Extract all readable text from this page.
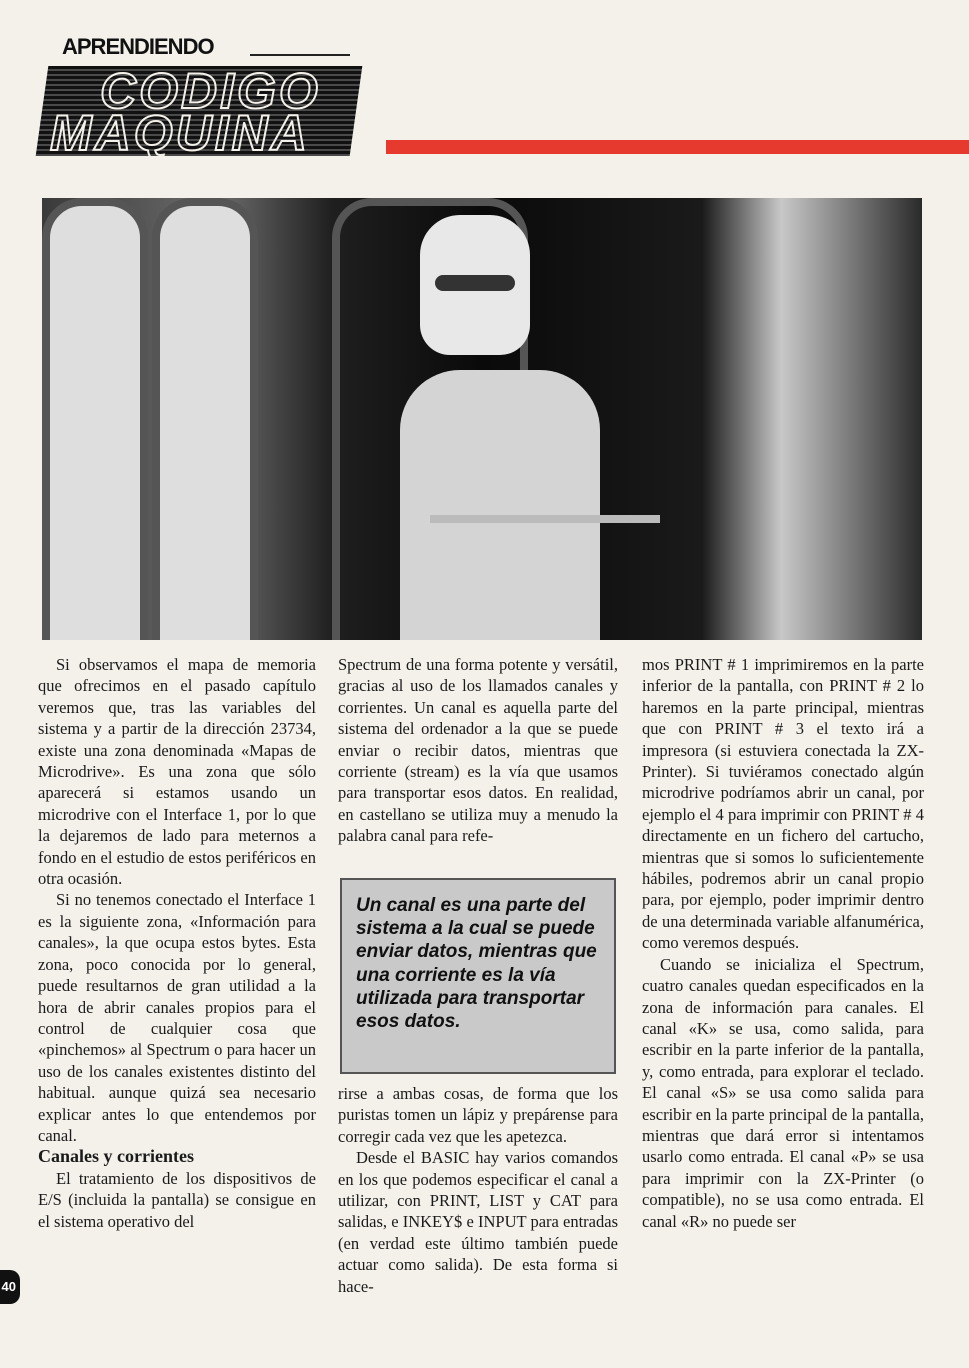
APRENDIENDO
CODIGO
MAQUINA

Si observamos el mapa de memoria que ofrecimos en el pasado capítulo veremos que, tras las variables del sistema y a partir de la dirección 23734, existe una zona denominada «Mapas de Microdrive». Es una zona que sólo aparecerá si estamos usando un microdrive con el Interface 1, por lo que la dejaremos de lado para meternos a fondo en el estudio de estos periféricos en otra ocasión.

Si no tenemos conectado el Interface 1 es la siguiente zona, «Información para canales», la que ocupa estos bytes. Esta zona, poco conocida por lo general, puede resultarnos de gran utilidad a la hora de abrir canales propios para el control de cualquier cosa que «pinchemos» al Spectrum o para hacer un uso de los canales existentes distinto del habitual. aunque quizá sea necesario explicar antes lo que entendemos por canal.

Canales y corrientes

El tratamiento de los dispositivos de E/S (incluida la pantalla) se consigue en el sistema operativo del

Spectrum de una forma potente y versátil, gracias al uso de los llamados canales y corrientes. Un canal es aquella parte del sistema del ordenador a la que se puede enviar o recibir datos, mientras que corriente (stream) es la vía que usamos para transportar esos datos. En realidad, en castellano se utiliza muy a menudo la palabra canal para refe-

Un canal es una parte del sistema a la cual se puede enviar datos, mientras que una corriente es la vía utilizada para transportar esos datos.

rirse a ambas cosas, de forma que los puristas tomen un lápiz y prepárense para corregir cada vez que les apetezca.

Desde el BASIC hay varios comandos en los que podemos especificar el canal a utilizar, con PRINT, LIST y CAT para salidas, e INKEY$ e INPUT para entradas (en verdad este último también puede actuar como salida). De esta forma si hace-

mos PRINT # 1 imprimiremos en la parte inferior de la pantalla, con PRINT # 2 lo haremos en la parte principal, mientras que con PRINT # 3 el texto irá a impresora (si estuviera conectada la ZX-Printer). Si tuviéramos conectado algún microdrive podríamos abrir un canal, por ejemplo el 4 para imprimir con PRINT # 4 directamente en un fichero del cartucho, mientras que si somos lo suficientemente hábiles, podremos abrir un canal propio para, por ejemplo, poder imprimir dentro de una determinada variable alfanumérica, como veremos después.

Cuando se inicializa el Spectrum, cuatro canales quedan especificados en la zona de información para canales. El canal «K» se usa, como salida, para escribir en la parte inferior de la pantalla, y, como entrada, para explorar el teclado. El canal «S» se usa como salida para escribir en la parte principal de la pantalla, mientras que dará error si intentamos usarlo como entrada. El canal «P» se usa para imprimir con la ZX-Printer (o compatible), no se usa como entrada. El canal «R» no puede ser

40
